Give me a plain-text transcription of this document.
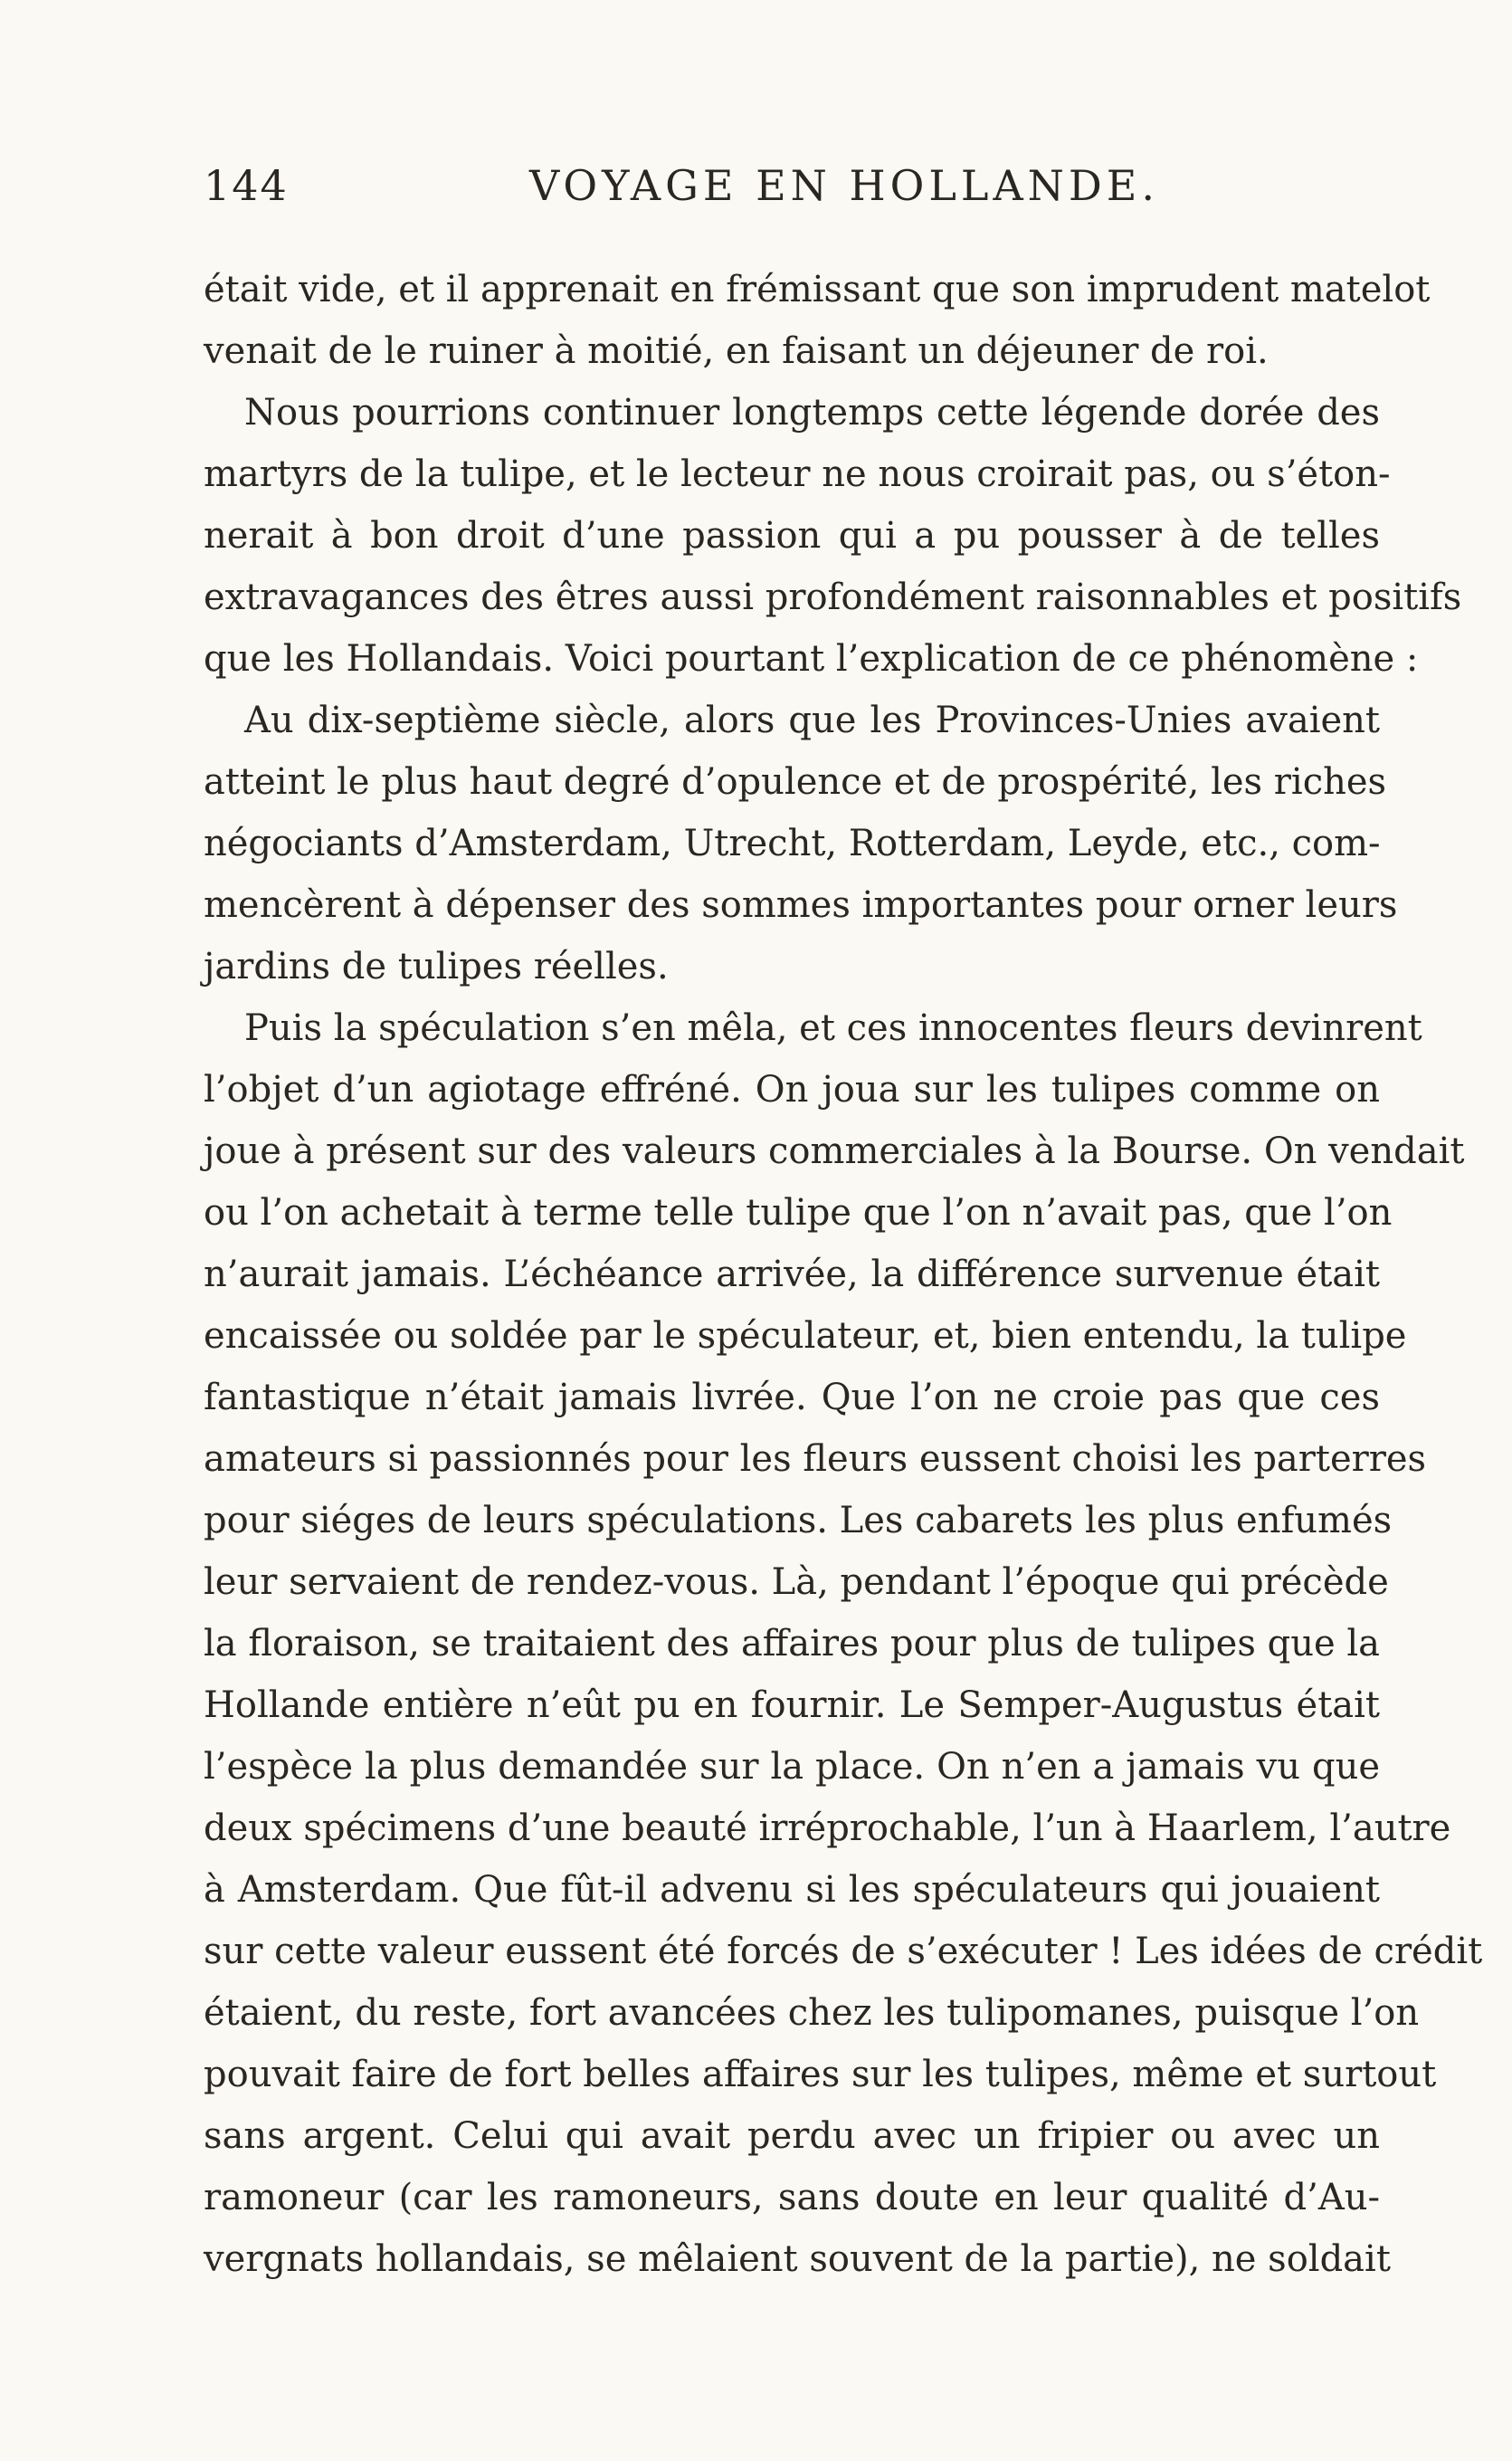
144	VOYAGE EN HOLLANDE.
était vide, et il apprenait en frémissant que son imprudent matelot
venait de le ruiner à moitié, en faisant un déjeuner de roi.
Nous pourrions continuer longtemps cette légende dorée des
martyrs de la tulipe, et le lecteur ne nous croirait pas, ou s’éton-
nerait à bon droit d’une passion qui a pu pousser à de telles
extravagances des êtres aussi profondément raisonnables et positifs
que les Hollandais. Voici pourtant l’explication de ce phénomène :
Au dix-septième siècle, alors que les Provinces-Unies avaient
atteint le plus haut degré d’opulence et de prospérité, les riches
négociants d’Amsterdam, Utrecht, Rotterdam, Leyde, etc., com-
mencèrent à dépenser des sommes importantes pour orner leurs
jardins de tulipes réelles.
Puis la spéculation s’en mêla, et ces innocentes fleurs devinrent
l’objet d’un agiotage effréné. On joua sur les tulipes comme on
joue à présent sur des valeurs commerciales à la Bourse. On vendait
ou l’on achetait à terme telle tulipe que l’on n’avait pas, que l’on
n’aurait jamais. L’échéance arrivée, la différence survenue était
encaissée ou soldée par le spéculateur, et, bien entendu, la tulipe
fantastique n’était jamais livrée. Que l’on ne croie pas que ces
amateurs si passionnés pour les fleurs eussent choisi les parterres
pour siéges de leurs spéculations. Les cabarets les plus enfumés
leur servaient de rendez-vous. Là, pendant l’époque qui précède
la floraison, se traitaient des affaires pour plus de tulipes que la
Hollande entière n’eût pu en fournir. Le Semper-Augustus était
l’espèce la plus demandée sur la place. On n’en a jamais vu que
deux spécimens d’une beauté irréprochable, l’un à Haarlem, l’autre
à Amsterdam. Que fût-il advenu si les spéculateurs qui jouaient
sur cette valeur eussent été forcés de s’exécuter ! Les idées de crédit
étaient, du reste, fort avancées chez les tulipomanes, puisque l’on
pouvait faire de fort belles affaires sur les tulipes, même et surtout
sans argent. Celui qui avait perdu avec un fripier ou avec un
ramoneur (car les ramoneurs, sans doute en leur qualité d’Au-
vergnats hollandais, se mêlaient souvent de la partie), ne soldait
